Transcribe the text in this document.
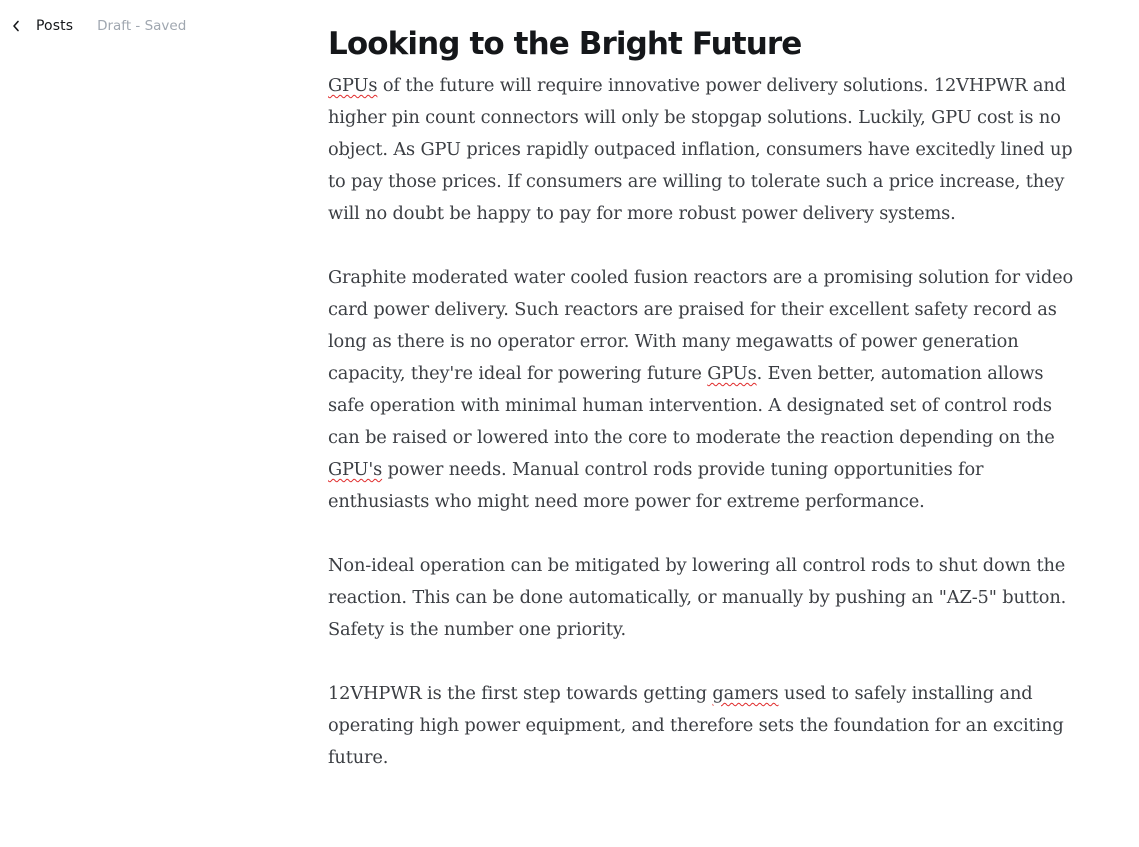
Posts Draft - Saved	Looking to the Bright Future

GPUs of the future will require innovative power delivery solutions. 12VHPWR and higher pin count connectors will only be stopgap solutions. Luckily, GPU cost is no object. As GPU prices rapidly outpaced inflation, consumers have excitedly lined up to pay those prices. If consumers are willing to tolerate such a price increase, they will no doubt be happy to pay for more robust power delivery systems.

Graphite moderated water cooled fusion reactors are a promising solution for video card power delivery. Such reactors are praised for their excellent safety record as long as there is no operator error. With many megawatts of power generation capacity, they're ideal for powering future GPUs. Even better, automation allows safe operation with minimal human intervention. A designated set of control rods can be raised or lowered into the core to moderate the reaction depending on the GPU's power needs. Manual control rods provide tuning opportunities for enthusiasts who might need more power for extreme performance.

Non-ideal operation can be mitigated by lowering all control rods to shut down the reaction. This can be done automatically, or manually by pushing an "AZ-5" button. Safety is the number one priority.

12VHPWR is the first step towards getting gamers used to safely installing and operating high power equipment, and therefore sets the foundation for an exciting future.
